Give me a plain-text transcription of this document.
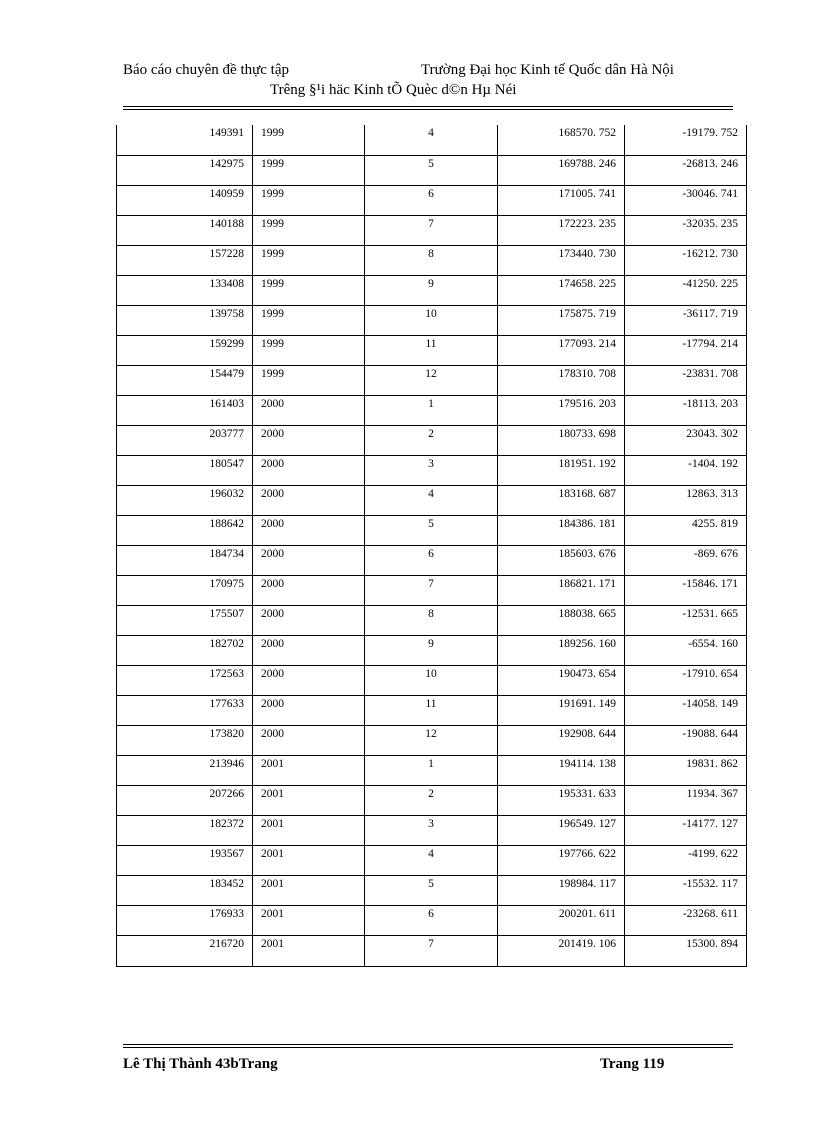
Báo cáo chuyên đề thực tập	Trường Đại học Kinh tế Quốc dân Hà Nội
Trêng §¹i häc Kinh tÕ Quèc d©n Hµ Néi
149391	1999	4	168570. 752	-19179. 752
142975	1999	5	169788. 246	-26813. 246
140959	1999	6	171005. 741	-30046. 741
140188	1999	7	172223. 235	-32035. 235
157228	1999	8	173440. 730	-16212. 730
133408	1999	9	174658. 225	-41250. 225
139758	1999	10	175875. 719	-36117. 719
159299	1999	11	177093. 214	-17794. 214
154479	1999	12	178310. 708	-23831. 708
161403	2000	1	179516. 203	-18113. 203
203777	2000	2	180733. 698	23043. 302
180547	2000	3	181951. 192	-1404. 192
196032	2000	4	183168. 687	12863. 313
188642	2000	5	184386. 181	4255. 819
184734	2000	6	185603. 676	-869. 676
170975	2000	7	186821. 171	-15846. 171
175507	2000	8	188038. 665	-12531. 665
182702	2000	9	189256. 160	-6554. 160
172563	2000	10	190473. 654	-17910. 654
177633	2000	11	191691. 149	-14058. 149
173820	2000	12	192908. 644	-19088. 644
213946	2001	1	194114. 138	19831. 862
207266	2001	2	195331. 633	11934. 367
182372	2001	3	196549. 127	-14177. 127
193567	2001	4	197766. 622	-4199. 622
183452	2001	5	198984. 117	-15532. 117
176933	2001	6	200201. 611	-23268. 611
216720	2001	7	201419. 106	15300. 894
Lê Thị Thành 43bTrang	Trang 119
